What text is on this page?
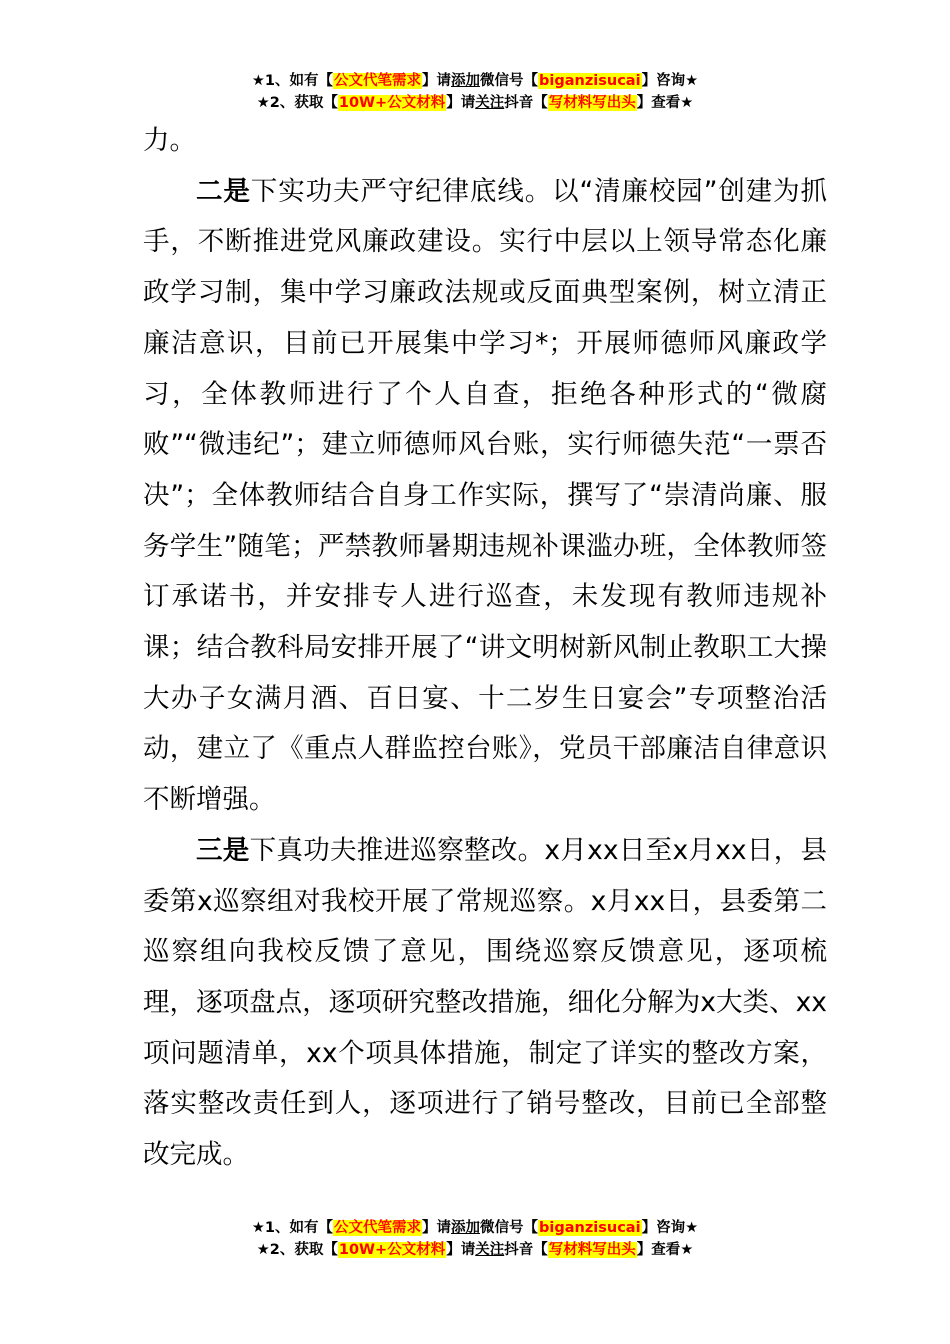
★1、如有【公文代笔需求】请添加微信号【biganzisucai】咨询★
★2、获取【10W+公文材料】请关注抖音【写材料写出头】查看★

力。

二是下实功夫严守纪律底线。以“清廉校园”创建为抓手，不断推进党风廉政建设。实行中层以上领导常态化廉政学习制，集中学习廉政法规或反面典型案例，树立清正廉洁意识，目前已开展集中学习*；开展师德师风廉政学习，全体教师进行了个人自查，拒绝各种形式的“微腐败”“微违纪”；建立师德师风台账，实行师德失范“一票否决”；全体教师结合自身工作实际，撰写了“崇清尚廉、服务学生”随笔；严禁教师暑期违规补课滥办班，全体教师签订承诺书，并安排专人进行巡查，未发现有教师违规补课；结合教科局安排开展了“讲文明树新风制止教职工大操大办子女满月酒、百日宴、十二岁生日宴会”专项整治活动，建立了《重点人群监控台账》，党员干部廉洁自律意识不断增强。

三是下真功夫推进巡察整改。x月xx日至x月xx日，县委第x巡察组对我校开展了常规巡察。x月xx日，县委第二巡察组向我校反馈了意见，围绕巡察反馈意见，逐项梳理，逐项盘点，逐项研究整改措施，细化分解为x大类、xx项问题清单，xx个项具体措施，制定了详实的整改方案，落实整改责任到人，逐项进行了销号整改，目前已全部整改完成。

★1、如有【公文代笔需求】请添加微信号【biganzisucai】咨询★
★2、获取【10W+公文材料】请关注抖音【写材料写出头】查看★
